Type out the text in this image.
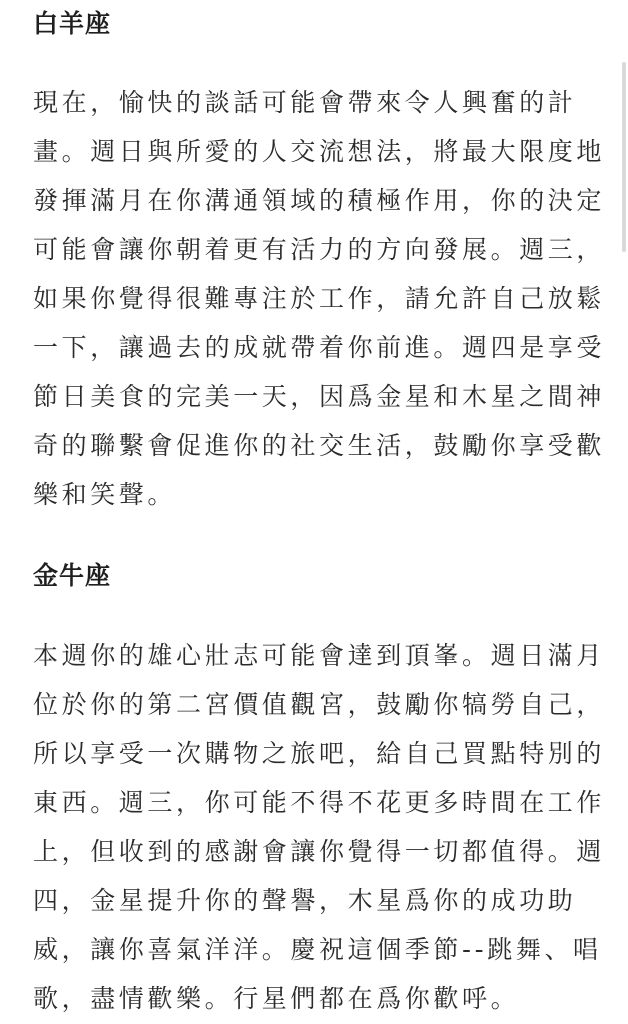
白羊座
現在，愉快的談話可能會帶來令人興奮的計
畫。週日與所愛的人交流想法，將最大限度地
發揮滿月在你溝通領域的積極作用，你的決定
可能會讓你朝着更有活力的方向發展。週三，
如果你覺得很難專注於工作，請允許自己放鬆
一下，讓過去的成就帶着你前進。週四是享受
節日美食的完美一天，因爲金星和木星之間神
奇的聯繫會促進你的社交生活，鼓勵你享受歡
樂和笑聲。
金牛座
本週你的雄心壯志可能會達到頂峯。週日滿月
位於你的第二宮價值觀宮，鼓勵你犒勞自己，
所以享受一次購物之旅吧，給自己買點特別的
東西。週三，你可能不得不花更多時間在工作
上，但收到的感謝會讓你覺得一切都值得。週
四，金星提升你的聲譽，木星爲你的成功助
威，讓你喜氣洋洋。慶祝這個季節--跳舞、唱
歌，盡情歡樂。行星們都在爲你歡呼。
